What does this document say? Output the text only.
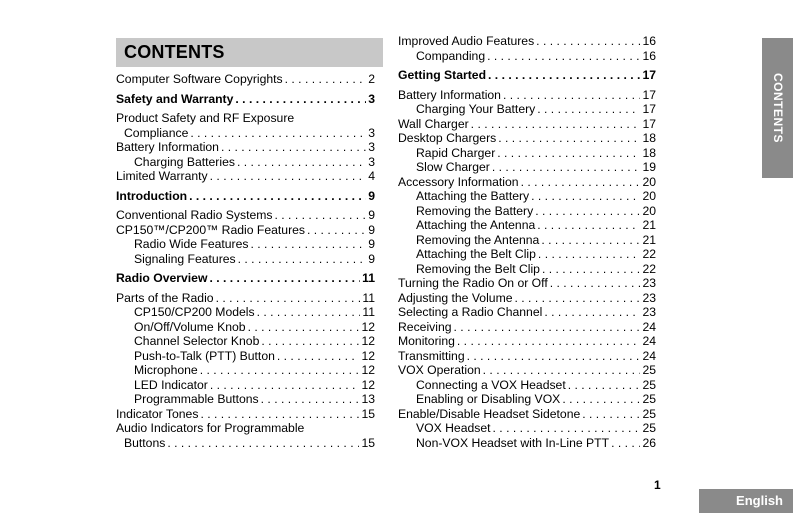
CONTENTS
Computer Software Copyrights . . .	2
Safety and Warranty . . .	3
Product Safety and RF Exposure
Compliance . . .	3
Battery Information . . .	3
Charging Batteries . . .	3
Limited Warranty . . .	4
Introduction . . .	9
Conventional Radio Systems . . .	9
CP150™/CP200™ Radio Features . . .	9
Radio Wide Features . . .	9
Signaling Features . . .	9
Radio Overview . . .	11
Parts of the Radio . . .	11
CP150/CP200 Models . . .	11
On/Off/Volume Knob . . .	12
Channel Selector Knob . . .	12
Push-to-Talk (PTT) Button . . .	12
Microphone . . .	12
LED Indicator . . .	12
Programmable Buttons . . .	13
Indicator Tones . . .	15
Audio Indicators for Programmable
Buttons . . .	15
Improved Audio Features . . .	16
Companding . . .	16
Getting Started . . .	17
Battery Information . . .	17
Charging Your Battery . . .	17
Wall Charger . . .	17
Desktop Chargers . . .	18
Rapid Charger . . .	18
Slow Charger . . .	19
Accessory Information . . .	20
Attaching the Battery . . .	20
Removing the Battery . . .	20
Attaching the Antenna . . .	21
Removing the Antenna . . .	21
Attaching the Belt Clip . . .	22
Removing the Belt Clip . . .	22
Turning the Radio On or Off . . .	23
Adjusting the Volume . . .	23
Selecting a Radio Channel . . .	23
Receiving . . .	24
Monitoring . . .	24
Transmitting . . .	24
VOX Operation . . .	25
Connecting a VOX Headset . . .	25
Enabling or Disabling VOX . . .	25
Enable/Disable Headset Sidetone . . .	25
VOX Headset . . .	25
Non-VOX Headset with In-Line PTT . . .	26
CONTENTS
1
English
